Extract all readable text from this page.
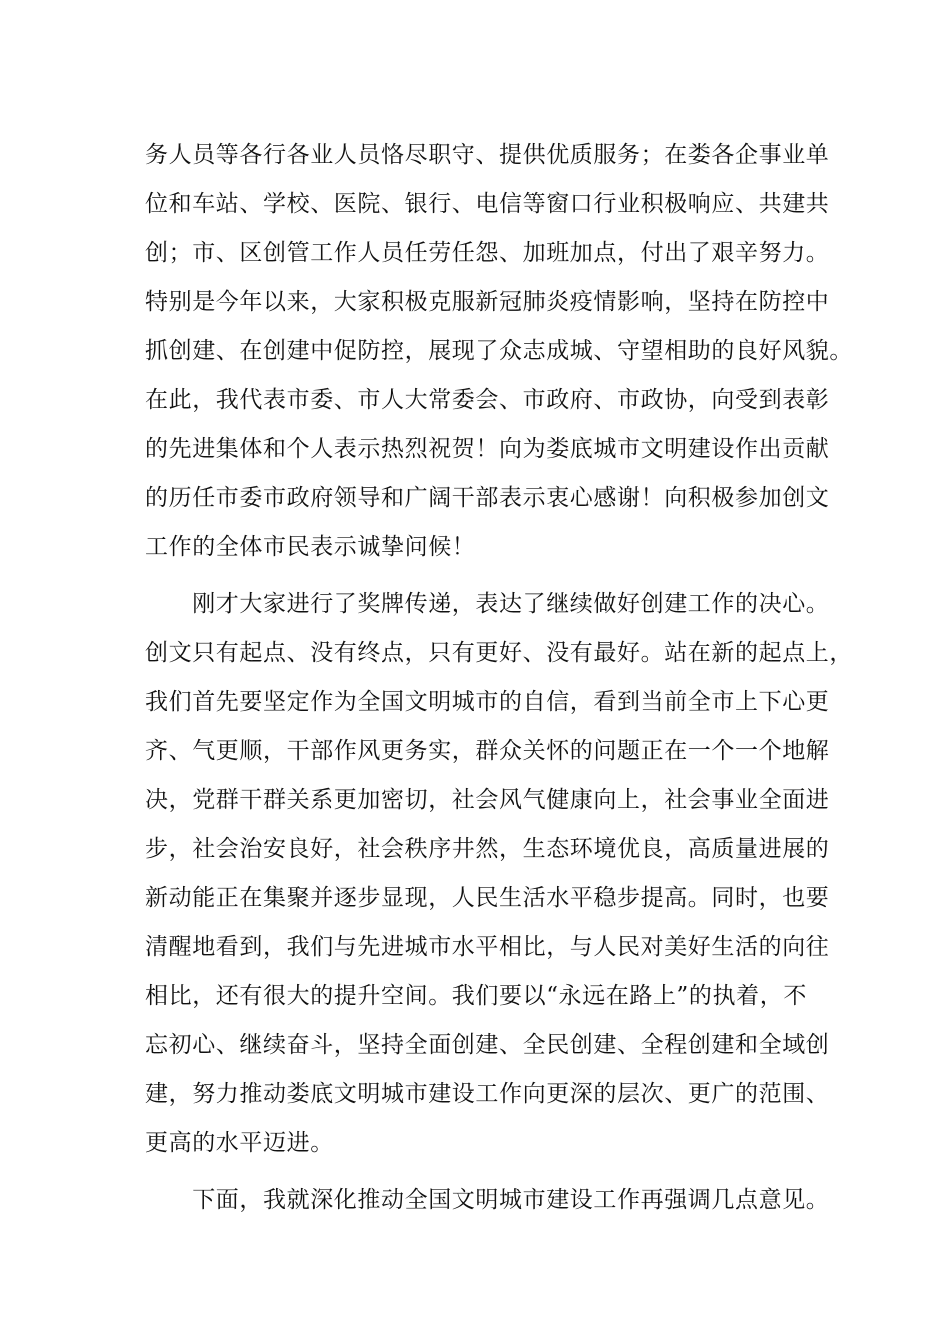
务人员等各行各业人员恪尽职守、提供优质服务；在娄各企事业单
位和车站、学校、医院、银行、电信等窗口行业积极响应、共建共
创；市、区创管工作人员任劳任怨、加班加点，付出了艰辛努力。
特别是今年以来，大家积极克服新冠肺炎疫情影响，坚持在防控中
抓创建、在创建中促防控，展现了众志成城、守望相助的良好风貌。
在此，我代表市委、市人大常委会、市政府、市政协，向受到表彰
的先进集体和个人表示热烈祝贺！向为娄底城市文明建设作出贡献
的历任市委市政府领导和广阔干部表示衷心感谢！向积极参加创文
工作的全体市民表示诚挚问候！
　　刚才大家进行了奖牌传递，表达了继续做好创建工作的决心。
创文只有起点、没有终点，只有更好、没有最好。站在新的起点上，
我们首先要坚定作为全国文明城市的自信，看到当前全市上下心更
齐、气更顺，干部作风更务实，群众关怀的问题正在一个一个地解
决，党群干群关系更加密切，社会风气健康向上，社会事业全面进
步，社会治安良好，社会秩序井然，生态环境优良，高质量进展的
新动能正在集聚并逐步显现，人民生活水平稳步提高。同时，也要
清醒地看到，我们与先进城市水平相比，与人民对美好生活的向往
相比，还有很大的提升空间。我们要以“永远在路上”的执着，不
忘初心、继续奋斗，坚持全面创建、全民创建、全程创建和全域创
建，努力推动娄底文明城市建设工作向更深的层次、更广的范围、
更高的水平迈进。
　　下面，我就深化推动全国文明城市建设工作再强调几点意见。
